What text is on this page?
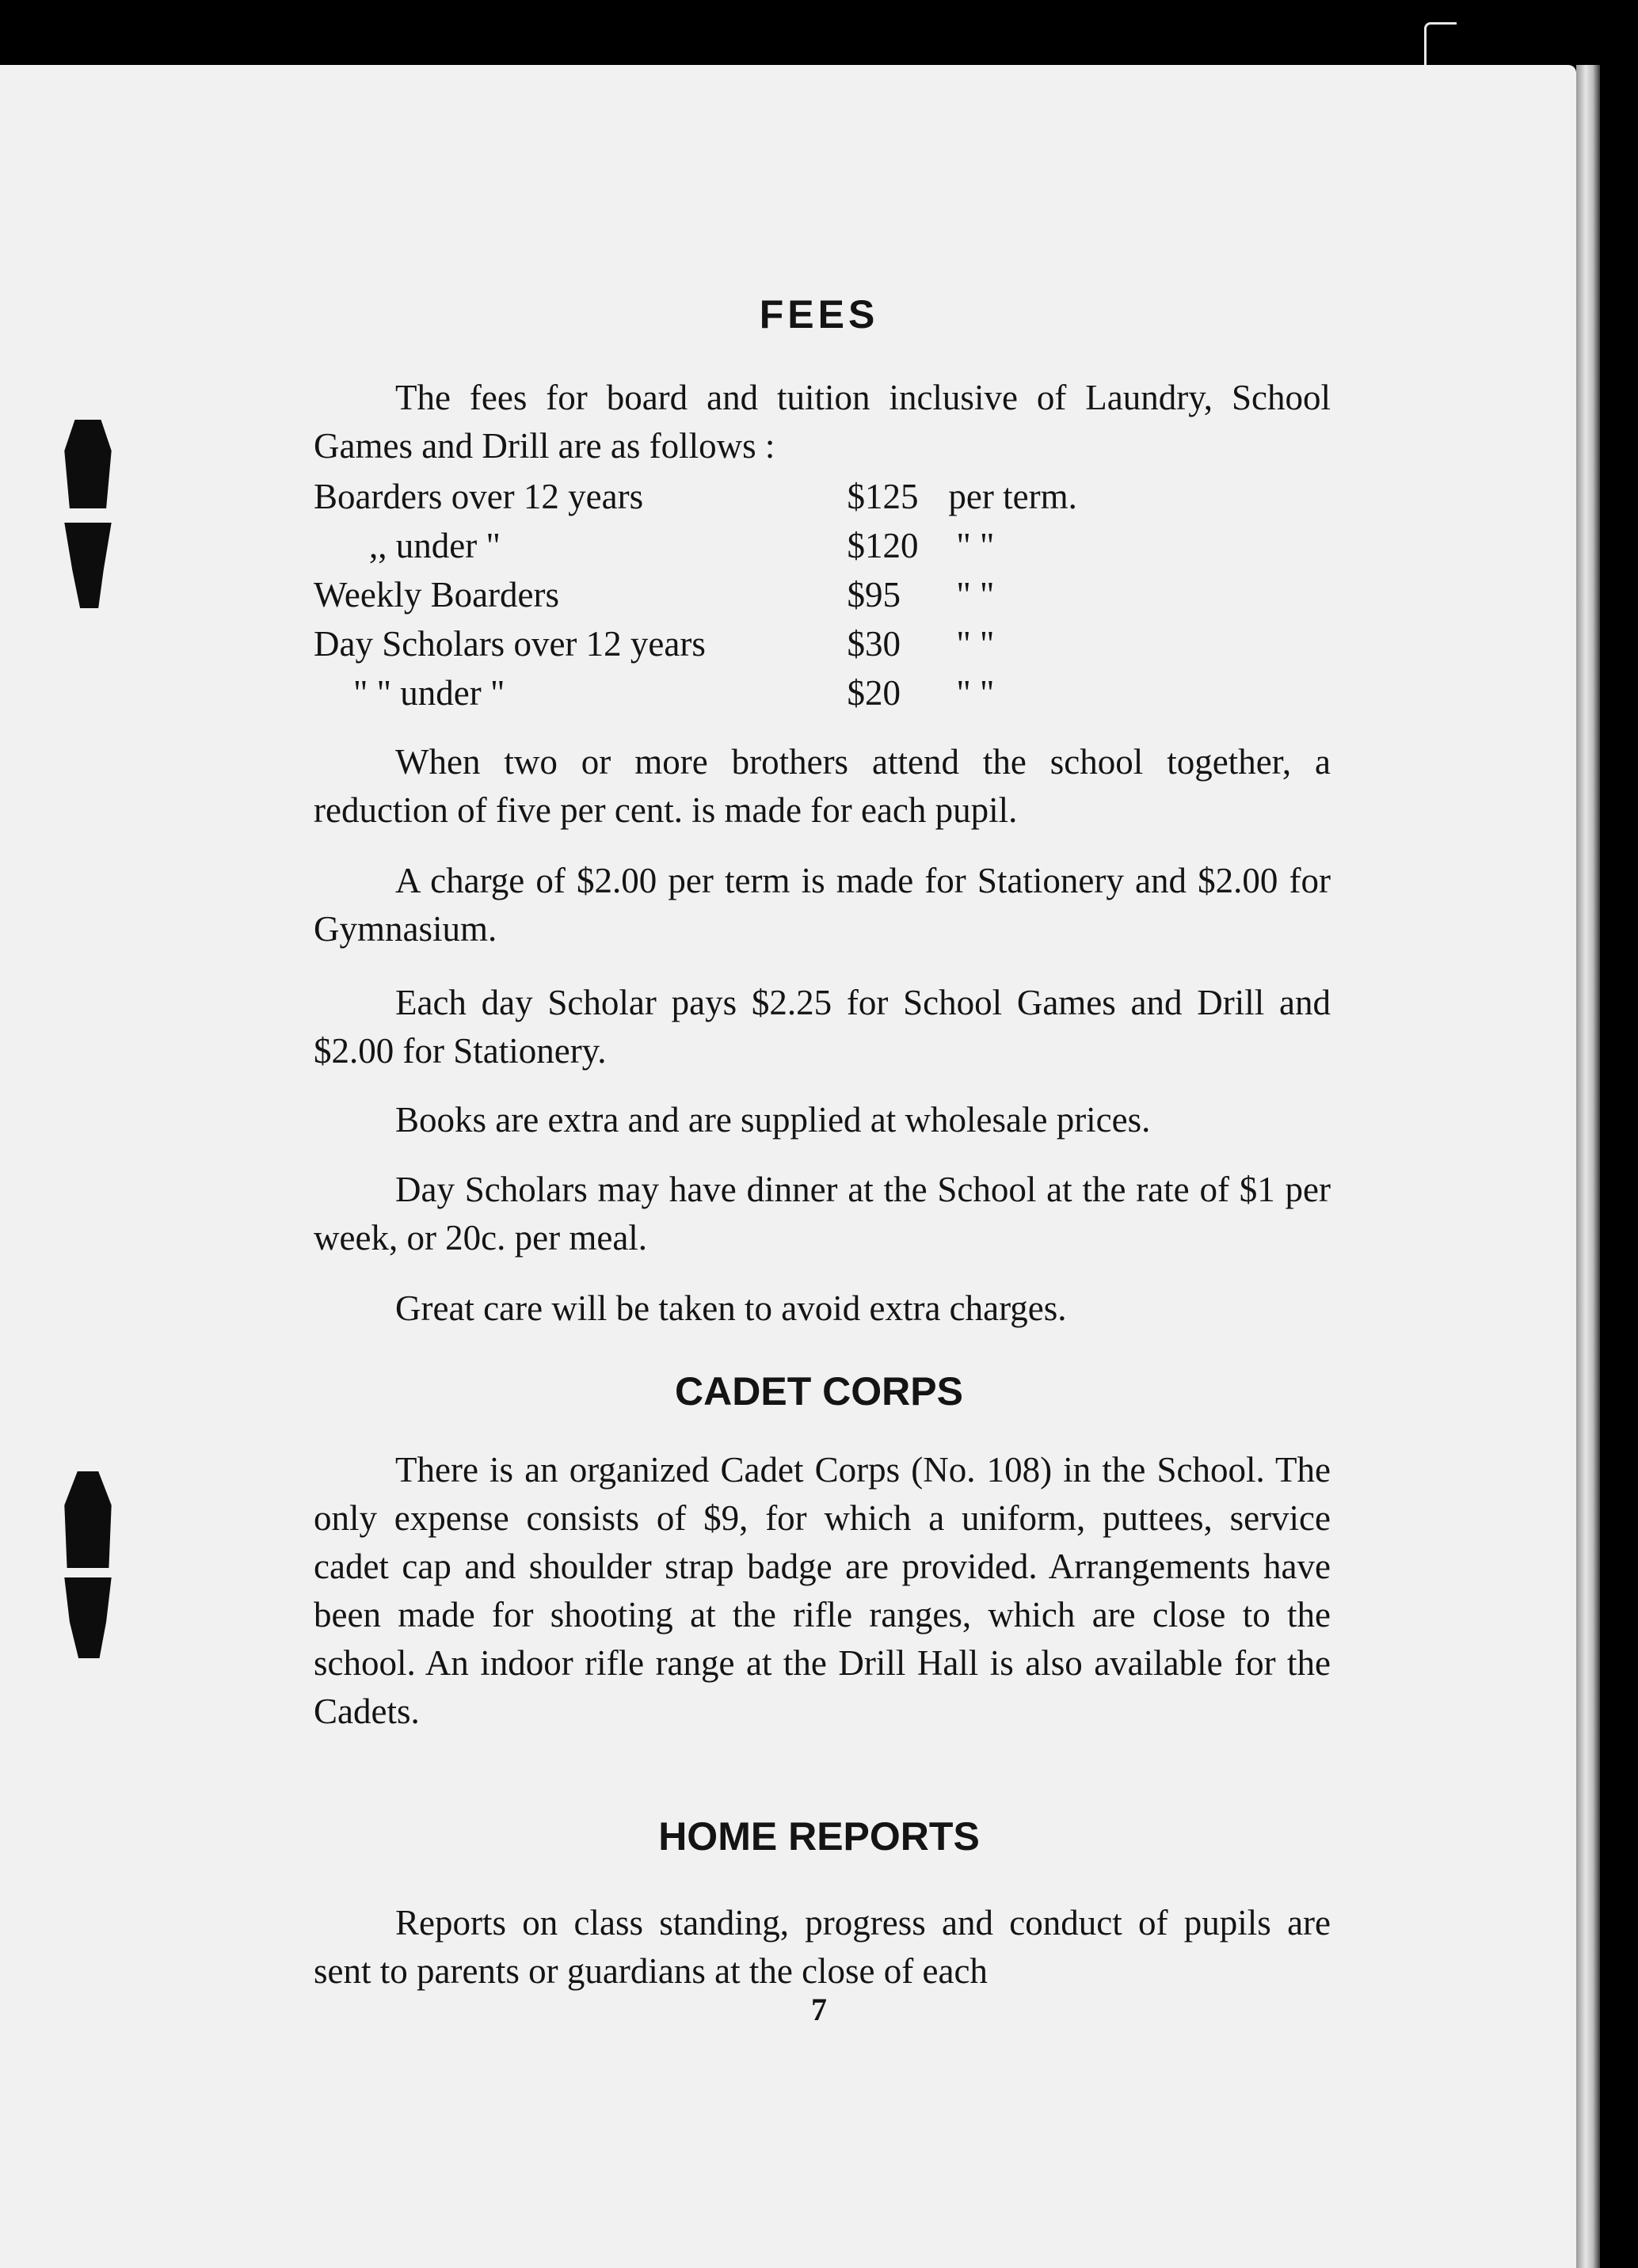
FEES

The fees for board and tuition inclusive of Laundry, School Games and Drill are as follows :

Boarders over 12 years	$125	per term.
,, under "	$120	" "
Weekly Boarders	$95	" "
Day Scholars over 12 years	$30	" "
" " under "	$20	" "

When two or more brothers attend the school together, a reduction of five per cent. is made for each pupil.

A charge of $2.00 per term is made for Stationery and $2.00 for Gymnasium.

Each day Scholar pays $2.25 for School Games and Drill and $2.00 for Stationery.

Books are extra and are supplied at wholesale prices.

Day Scholars may have dinner at the School at the rate of $1 per week, or 20c. per meal.

Great care will be taken to avoid extra charges.

CADET CORPS

There is an organized Cadet Corps (No. 108) in the School. The only expense consists of $9, for which a uniform, puttees, service cadet cap and shoulder strap badge are provided. Arrangements have been made for shooting at the rifle ranges, which are close to the school. An indoor rifle range at the Drill Hall is also available for the Cadets.

HOME REPORTS

Reports on class standing, progress and conduct of pupils are sent to parents or guardians at the close of each

7
